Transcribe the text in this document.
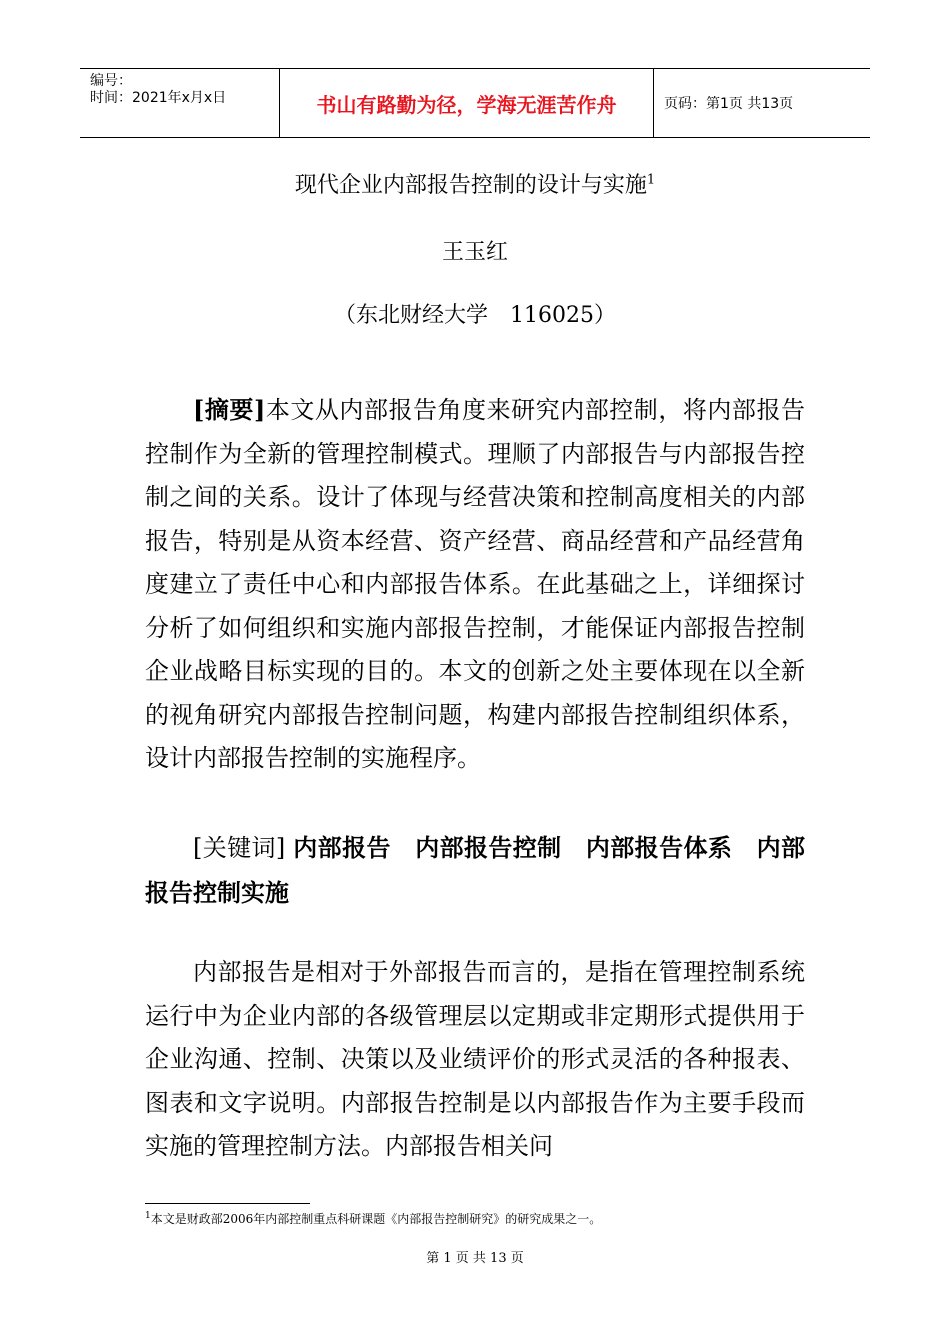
编号：
时间：2021年x月x日	书山有路勤为径，学海无涯苦作舟	页码：第1页 共13页
现代企业内部报告控制的设计与实施$^1$
王玉红
（东北财经大学　116025）

[摘要]本文从内部报告角度来研究内部控制，将内部报告控制作为全新的管理控制模式。理顺了内部报告与内部报告控制之间的关系。设计了体现与经营决策和控制高度相关的内部报告，特别是从资本经营、资产经营、商品经营和产品经营角度建立了责任中心和内部报告体系。在此基础之上，详细探讨分析了如何组织和实施内部报告控制，才能保证内部报告控制企业战略目标实现的目的。本文的创新之处主要体现在以全新的视角研究内部报告控制问题，构建内部报告控制组织体系，设计内部报告控制的实施程序。

[关键词] 内部报告　内部报告控制　内部报告体系　内部报告控制实施

内部报告是相对于外部报告而言的，是指在管理控制系统运行中为企业内部的各级管理层以定期或非定期形式提供用于企业沟通、控制、决策以及业绩评价的形式灵活的各种报表、图表和文字说明。内部报告控制是以内部报告作为主要手段而实施的管理控制方法。内部报告相关问

$^1$本文是财政部2006年内部控制重点科研课题《内部报告控制研究》的研究成果之一。
第 1 页 共 13 页
